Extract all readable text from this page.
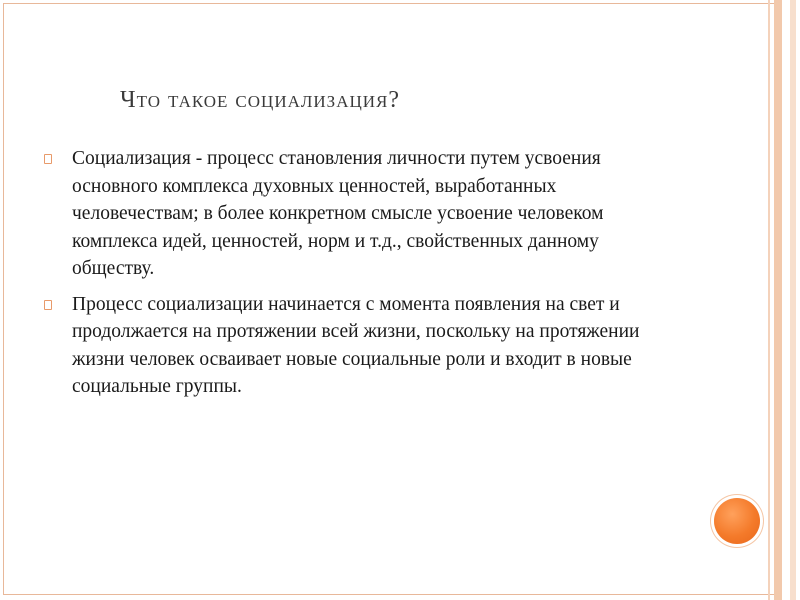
Что такое социализация?
Социализация - процесс становления личности путем усвоения основного комплекса духовных ценностей, выработанных человечествам; в более конкретном смысле усвоение человеком комплекса идей, ценностей, норм и т.д., свойственных данному обществу.
Процесс социализации начинается с момента появления на свет и продолжается на протяжении всей жизни, поскольку на протяжении жизни человек осваивает новые социальные роли и входит в новые социальные группы.
